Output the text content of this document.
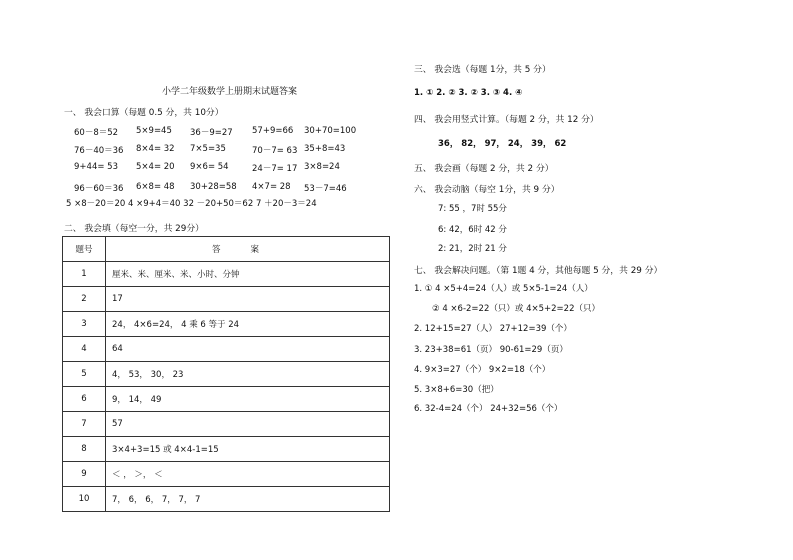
小学二年级数学上册期末试题答案
一、 我会口算（每题 0.5 分，共 10分）
60－8＝52 5×9=45 36－9=27 57+9=66 30+70=100
76－40＝36 8×4= 32 7×5=35	70－7= 63 35+8=43
9+44= 53 5×4= 20 9×6= 54	24－7= 17 3×8=24
96－60＝36 6×8= 48 30+28=58 4×7= 28 53－7=46
5 ×8－20＝20 4 ×9+4＝40 32 －20+50＝62 7 ＋20－3＝24
二、 我会填（每空一分，共 29分）
题号	答案
1	厘米、米、厘米、米、小时、分钟
2	17
3	24， 4×6=24， 4 乘 6 等于 24
4	64
5	4， 53， 30， 23
6	9， 14， 49
7	57
8	3×4+3=15 或 4×4-1=15
9	＜ ， ＞， ＜
10	7， 6， 6， 7， 7， 7
三、 我会选（每题 1分，共 5 分）
1. ① 2. ② 3. ② 3. ③ 4. ④
四、 我会用竖式计算。（每题 2 分，共 12 分）
36， 82， 97， 24， 39， 62
五、 我会画（每题 2 分，共 2 分）
六、 我会动脑（每空 1分，共 9 分）
7: 55 ，7时 55分
6: 42，6时 42 分
2: 21，2时 21 分
七、 我会解决问题。（第 1题 4 分，其他每题 5 分，共 29 分）
1. ① 4 ×5+4=24（人）或 5×5-1=24（人）
② 4 ×6-2=22（只）或 4×5+2=22（只）
2. 12+15=27（人） 27+12=39（个）
3. 23+38=61（页） 90-61=29（页）
4. 9×3=27（个） 9×2=18（个）
5. 3×8+6=30（把）
6. 32-4=24（个） 24+32=56（个）
